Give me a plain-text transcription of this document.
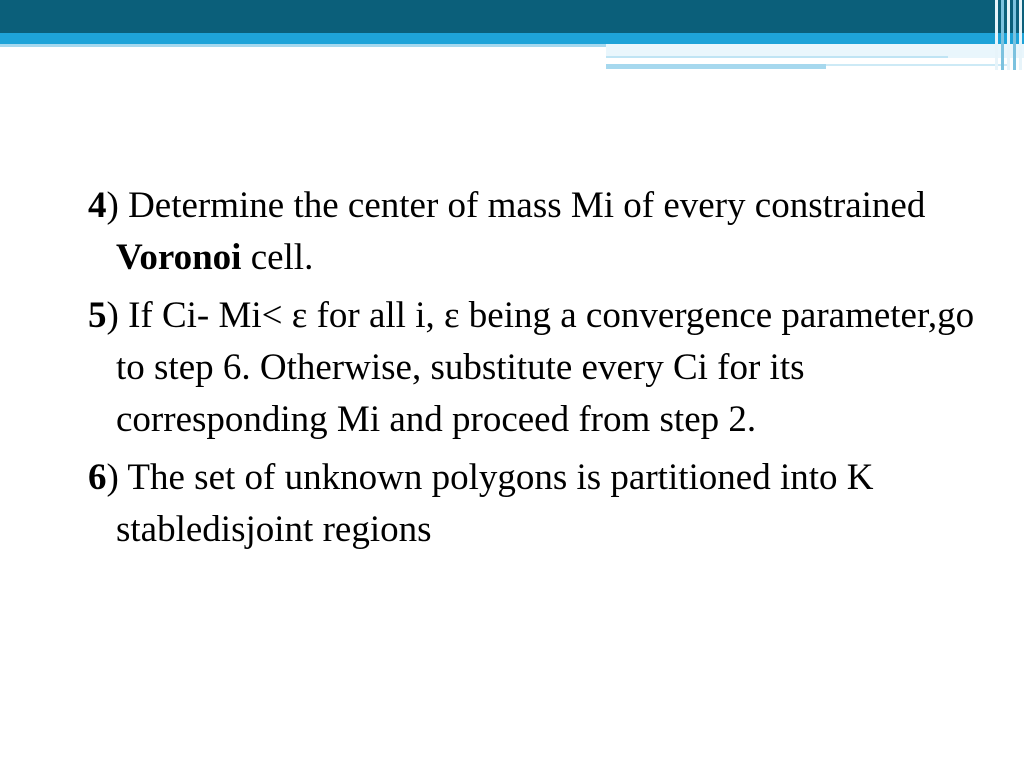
4) Determine the center of mass Mi of every constrained Voronoi cell.

5) If Ci- Mi< ε for all i, ε being a convergence parameter,go to step 6. Otherwise, substitute every Ci for its corresponding Mi and proceed from step 2.

6) The set of unknown polygons is partitioned into K stabledisjoint regions
